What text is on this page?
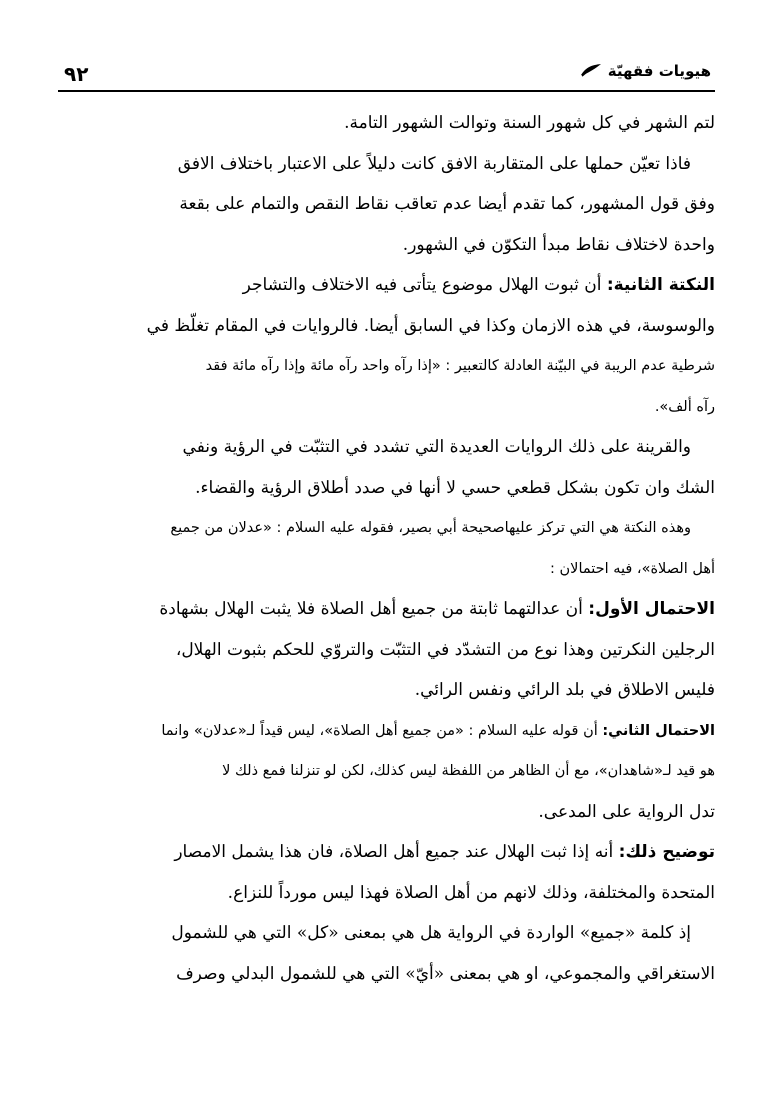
٩٢	هيويات فقهيّة
لتم الشهر في كل شهور السنة وتوالت الشهور التامة.
فاذا تعيّن حملها على المتقاربة الافق كانت دليلاً على الاعتبار باختلاف الافق
وفق قول المشهور، كما تقدم أيضا عدم تعاقب نقاط النقص والتمام على بقعة
واحدة لاختلاف نقاط مبدأ التكوّن في الشهور.
النكتة الثانية: أن ثبوت الهلال موضوع يتأتى فيه الاختلاف والتشاجر
والوسوسة، في هذه الازمان وكذا في السابق أيضا. فالروايات في المقام تغلّظ في
شرطية عدم الريبة في البيّنة العادلة كالتعبير : «إذا رآه واحد رآه مائة وإذا رآه مائة فقد
رآه ألف».
والقرينة على ذلك الروايات العديدة التي تشدد في التثبّت في الرؤية ونفي
الشك وان تكون بشكل قطعي حسي لا أنها في صدد أطلاق الرؤية والقضاء.
وهذه النكتة هي التي تركز عليهاصحيحة أبي بصير، فقوله عليه السلام : «عدلان من جميع
أهل الصلاة»، فيه احتمالان :
الاحتمال الأول: أن عدالتهما ثابتة من جميع أهل الصلاة فلا يثبت الهلال بشهادة
الرجلين النكرتين وهذا نوع من التشدّد في التثبّت والتروّي للحكم بثبوت الهلال،
فليس الاطلاق في بلد الرائي ونفس الرائي.
الاحتمال الثاني: أن قوله عليه السلام : «من جميع أهل الصلاة»، ليس قيداً لـ«عدلان» وانما
هو قيد لـ«شاهدان»، مع أن الظاهر من اللفظة ليس كذلك، لكن لو تنزلنا فمع ذلك لا
تدل الرواية على المدعى.
توضيح ذلك: أنه إذا ثبت الهلال عند جميع أهل الصلاة، فان هذا يشمل الامصار
المتحدة والمختلفة، وذلك لانهم من أهل الصلاة فهذا ليس مورداً للنزاع.
إذ كلمة «جميع» الواردة في الرواية هل هي بمعنى «كل» التي هي للشمول
الاستغراقي والمجموعي، او هي بمعنى «أيّ» التي هي للشمول البدلي وصرف
